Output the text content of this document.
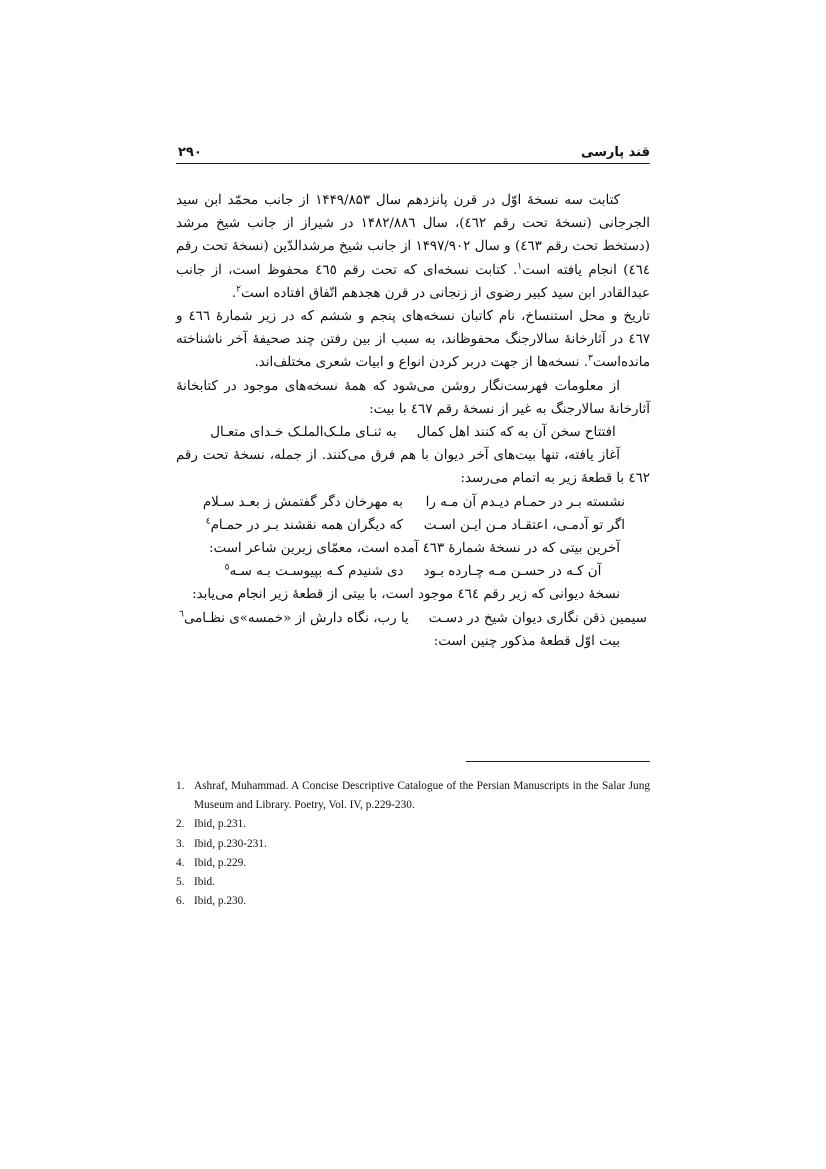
قند پارسی
۲۹۰

کتابت سه نسخهٔ اوّل در قرن پانزدهم سال ۱۴۴۹/۸۵۳ از جانب محمّد ابن سید الجرجانی (نسخهٔ تحت رقم ٤٦٢)، سال ۱۴۸۲/۸۸٦ در شیراز از جانب شیخ مرشد (دستخط تحت رقم ٤٦٣) و سال ۱۴۹۷/۹۰۲ از جانب شیخ مرشدالدّین (نسخهٔ تحت رقم ٤٦٤) انجام یافته است$^۱$. کتابت نسخه‌ای که تحت رقم ٤٦٥ محفوظ است، از جانب عبدالقادر ابن سید کبیر رضوی از زنجانی در قرن هجدهم اتّفاق افتاده است$^۲$.

تاریخ و محل استنساخ، نام کاتبان نسخه‌های پنجم و ششم که در زیر شمارهٔ ٤٦٦ و ٤٦٧ در آثارخانهٔ سالارجنگ محفوظاند، به سبب از بین رفتن چند صحیفهٔ آخر ناشناخته مانده‌است$^۳$. نسخه‌ها از جهت دربر کردن انواع و ابیات شعری مختلف‌اند.

از معلومات فهرست‌نگار روشن می‌شود که همهٔ نسخه‌های موجود در کتابخانهٔ آثارخانهٔ سالارجنگ به غیر از نسخهٔ رقم ٤٦٧ با بیت:

افتتاح سخن آن به که کنند اهل کمال
به ثنـای ملـک‌الملـک خـدای متعـال

آغاز یافته، تنها بیت‌های آخر دیوان با هم فرق می‌کنند. از جمله، نسخهٔ تحت رقم ٤٦٢ با قطعهٔ زیر به اتمام می‌رسد:

نشسته بـر در حمـام دیـدم آن مـه را
به مهرخان دگر گفتمش ز بعـد سـلام
اگر تو آدمـی، اعتقـاد مـن ایـن اسـت
که دیگران همه نقشند بـر در حمـام$^٤$

آخرین بیتی که در نسخهٔ شمارهٔ ٤٦٣ آمده است، معمّای زیرین شاعر است:

آن کـه در حسـن مـه چـارده بـود
دی شنیدم کـه بپیوسـت بـه سـه$^٥$

نسخهٔ دیوانی که زیر رقم ٤٦٤ موجود است، با بیتی از قطعهٔ زیر انجام می‌یابد:

سیمین ذقن نگاری دیوان شیخ در دسـت
یا رب، نگاه دارش از «خمسه»ی نظـامی$^٦$

بیت اوّل قطعهٔ مذکور چنین است:

1. Ashraf, Muhammad. A Concise Descriptive Catalogue of the Persian Manuscripts in the Salar Jung Museum and Library. Poetry, Vol. IV, p.229-230.
2. Ibid, p.231.
3. Ibid, p.230-231.
4. Ibid, p.229.
5. Ibid.
6. Ibid, p.230.
